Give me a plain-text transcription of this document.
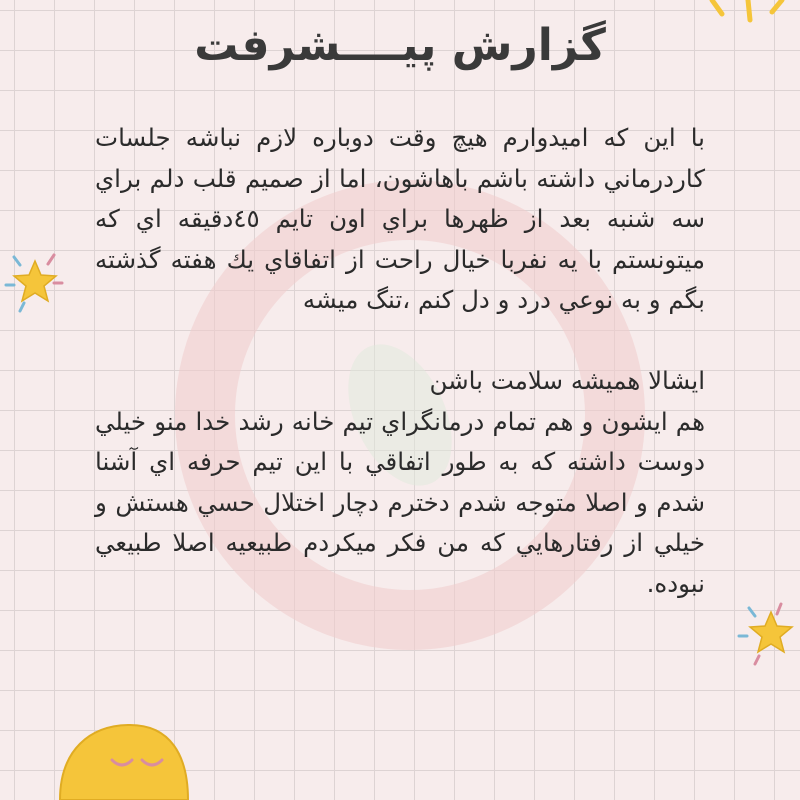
گزارش پیــــشرفت

با این که امیدوارم هیچ وقت دوباره لازم نباشه جلسات کاردرماني داشته باشم باهاشون، اما از صمیم قلب دلم براي سه شنبه بعد از ظهرها براي اون تایم ٤٥دقیقه اي که میتونستم با یه نفربا خیال راحت از اتفاقاي یك هفته گذشته بگم و به نوعي درد و دل کنم ،تنگ میشه

ایشالا همیشه سلامت باشن

هم ایشون و هم تمام درمانگراي تیم خانه رشد خدا منو خیلي دوست داشته که به طور اتفاقي با این تیم حرفه اي آشنا شدم و اصلا متوجه شدم دخترم دچار اختلال حسي هستش و خیلي از رفتارهایي که من فکر میکردم طبیعیه اصلا طبیعي نبوده.
